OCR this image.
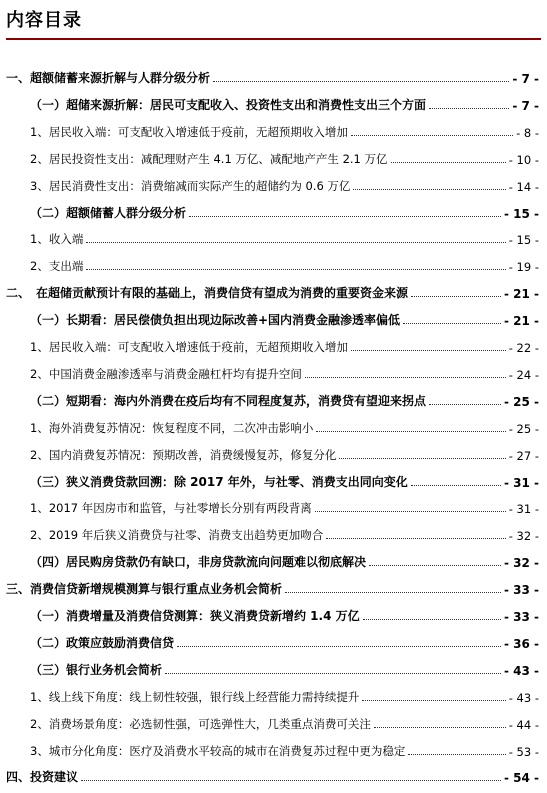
内容目录
一、超额储蓄来源折解与人群分级分析	- 7 -
（一）超储来源折解：居民可支配收入、投资性支出和消费性支出三个方面	- 7 -
1、居民收入端：可支配收入增速低于疫前，无超预期收入增加	- 8 -
2、居民投资性支出：减配理财产生 4.1 万亿、减配地产产生 2.1 万亿	- 10 -
3、居民消费性支出：消费缩减而实际产生的超储约为 0.6 万亿	- 14 -
（二）超额储蓄人群分级分析	- 15 -
1、收入端	- 15 -
2、支出端	- 19 -
二、　在超储贡献预计有限的基础上，消费信贷有望成为消费的重要资金来源	- 21 -
（一）长期看：居民偿债负担出现边际改善+国内消费金融渗透率偏低	- 21 -
1、居民收入端：可支配收入增速低于疫前，无超预期收入增加	- 22 -
2、中国消费金融渗透率与消费金融杠杆均有提升空间	- 24 -
（二）短期看：海内外消费在疫后均有不同程度复苏，消费贷有望迎来拐点	- 25 -
1、海外消费复苏情况：恢复程度不同，二次冲击影响小	- 25 -
2、国内消费复苏情况：预期改善，消费缓慢复苏，修复分化	- 27 -
（三）狭义消费贷款回溯：除 2017 年外，与社零、消费支出同向变化	- 31 -
1、2017 年因房市和监管，与社零增长分别有两段背离	- 31 -
2、2019 年后狭义消费贷与社零、消费支出趋势更加吻合	- 32 -
（四）居民购房贷款仍有缺口，非房贷款流向问题难以彻底解决	- 32 -
三、消费信贷新增规模测算与银行重点业务机会简析	- 33 -
（一）消费增量及消费信贷测算：狭义消费贷新增约 1.4 万亿	- 33 -
（二）政策应鼓励消费信贷	- 36 -
（三）银行业务机会简析	- 43 -
1、线上线下角度：线上韧性较强，银行线上经营能力需持续提升	- 43 -
2、消费场景角度：必选韧性强，可选弹性大，几类重点消费可关注	- 44 -
3、城市分化角度：医疗及消费水平较高的城市在消费复苏过程中更为稳定	- 53 -
四、投资建议	- 54 -
